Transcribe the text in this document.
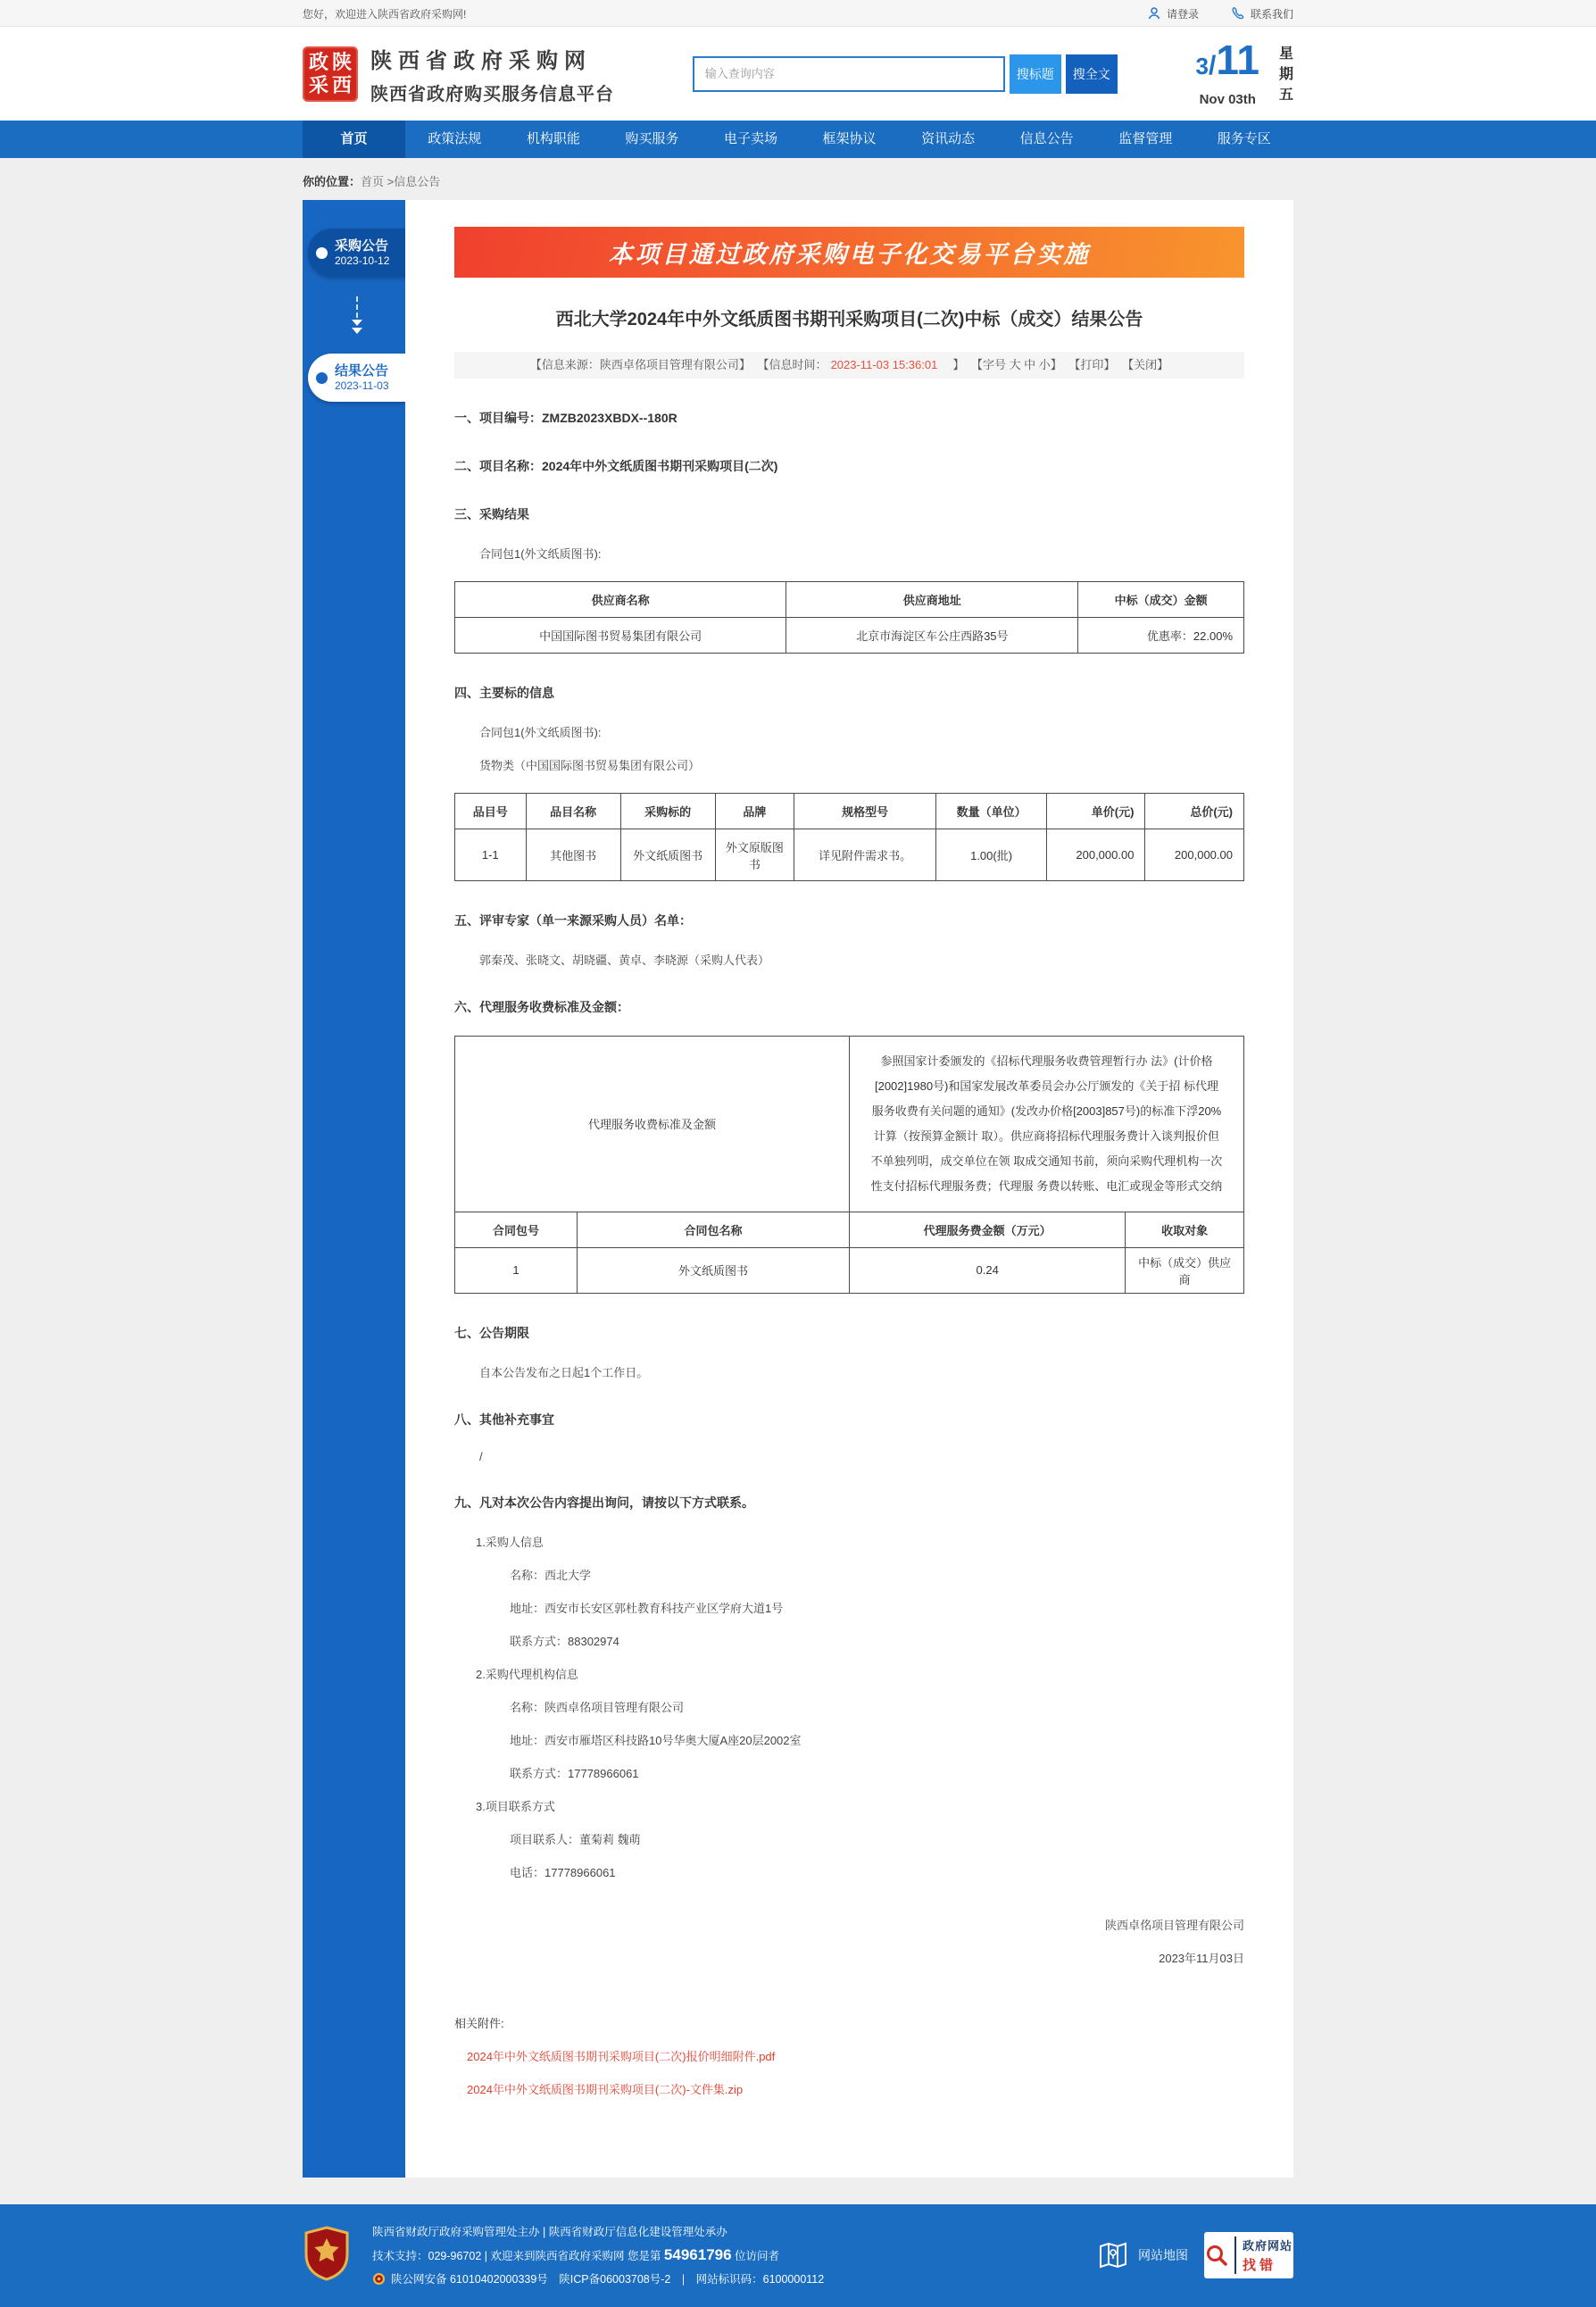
您好，欢迎进入陕西省政府采购网!	请登录	联系我们
政陕
采西
陕西省政府采购网
陕西省政府购买服务信息平台
输入查询内容
搜标题	搜全文	3/11
Nov 03th
星
期
五
首页	政策法规	机构职能	购买服务	电子卖场	框架协议	资讯动态	信息公告	监督管理	服务专区
你的位置：首页 >信息公告
采购公告
2023-10-12
结果公告
2023-11-03
本项目通过政府采购电子化交易平台实施
西北大学2024年中外文纸质图书期刊采购项目(二次)中标（成交）结果公告
【信息来源：陕西卓佲项目管理有限公司】 【信息时间： 2023-11-03 15:36:01　】 【字号 大 中 小】 【打印】 【关闭】
一、项目编号：ZMZB2023XBDX--180R
二、项目名称：2024年中外文纸质图书期刊采购项目(二次)
三、采购结果
合同包1(外文纸质图书):
供应商名称	供应商地址	中标（成交）金额
中国国际图书贸易集团有限公司	北京市海淀区车公庄西路35号	优惠率：22.00%
四、主要标的信息
合同包1(外文纸质图书):
货物类（中国国际图书贸易集团有限公司）
品目号	品目名称	采购标的	品牌	规格型号	数量（单位）	单价(元)	总价(元)
1-1	其他图书	外文纸质图书	外文原版图书	详见附件需求书。	1.00(批)	200,000.00	200,000.00
五、评审专家（单一来源采购人员）名单：
郭秦茂、张晓文、胡晓疆、黄卓、李晓源（采购人代表）
六、代理服务收费标准及金额：
代理服务收费标准及金额		参照国家计委颁发的《招标代理服务收费管理暂行办 法》(计价格[2002]1980号)和国家发展改革委员会办公厅颁发的《关于招 标代理服务收费有关问题的通知》(发改办价格[2003]857号)的标准下浮20%计算（按预算金额计 取）。供应商将招标代理服务费计入谈判报价但不单独列明，成交单位在领 取成交通知书前，须向采购代理机构一次性支付招标代理服务费；代理服 务费以转账、电汇或现金等形式交纳	
合同包号	合同包名称	代理服务费金额（万元）	收取对象
1	外文纸质图书	0.24	中标（成交）供应商
七、公告期限
自本公告发布之日起1个工作日。
八、其他补充事宜
/
九、凡对本次公告内容提出询问，请按以下方式联系。
1.采购人信息
名称：西北大学
地址：西安市长安区郭杜教育科技产业区学府大道1号
联系方式：88302974
2.采购代理机构信息
名称：陕西卓佲项目管理有限公司
地址：西安市雁塔区科技路10号华奥大厦A座20层2002室
联系方式：17778966061
3.项目联系方式
项目联系人：董菊莉 魏萌
电话：17778966061
陕西卓佲项目管理有限公司
2023年11月03日
相关附件:
2024年中外文纸质图书期刊采购项目(二次)报价明细附件.pdf
2024年中外文纸质图书期刊采购项目(二次)-文件集.zip
陕西省财政厅政府采购管理处主办 | 陕西省财政厅信息化建设管理处承办
技术支持：029-96702 | 欢迎来到陕西省政府采购网 您是第 54961796 位访问者
陕公网安备 61010402000339号　陕ICP备06003708号-2　|　网站标识码：6100000112
网站地图
政府网站
找错
